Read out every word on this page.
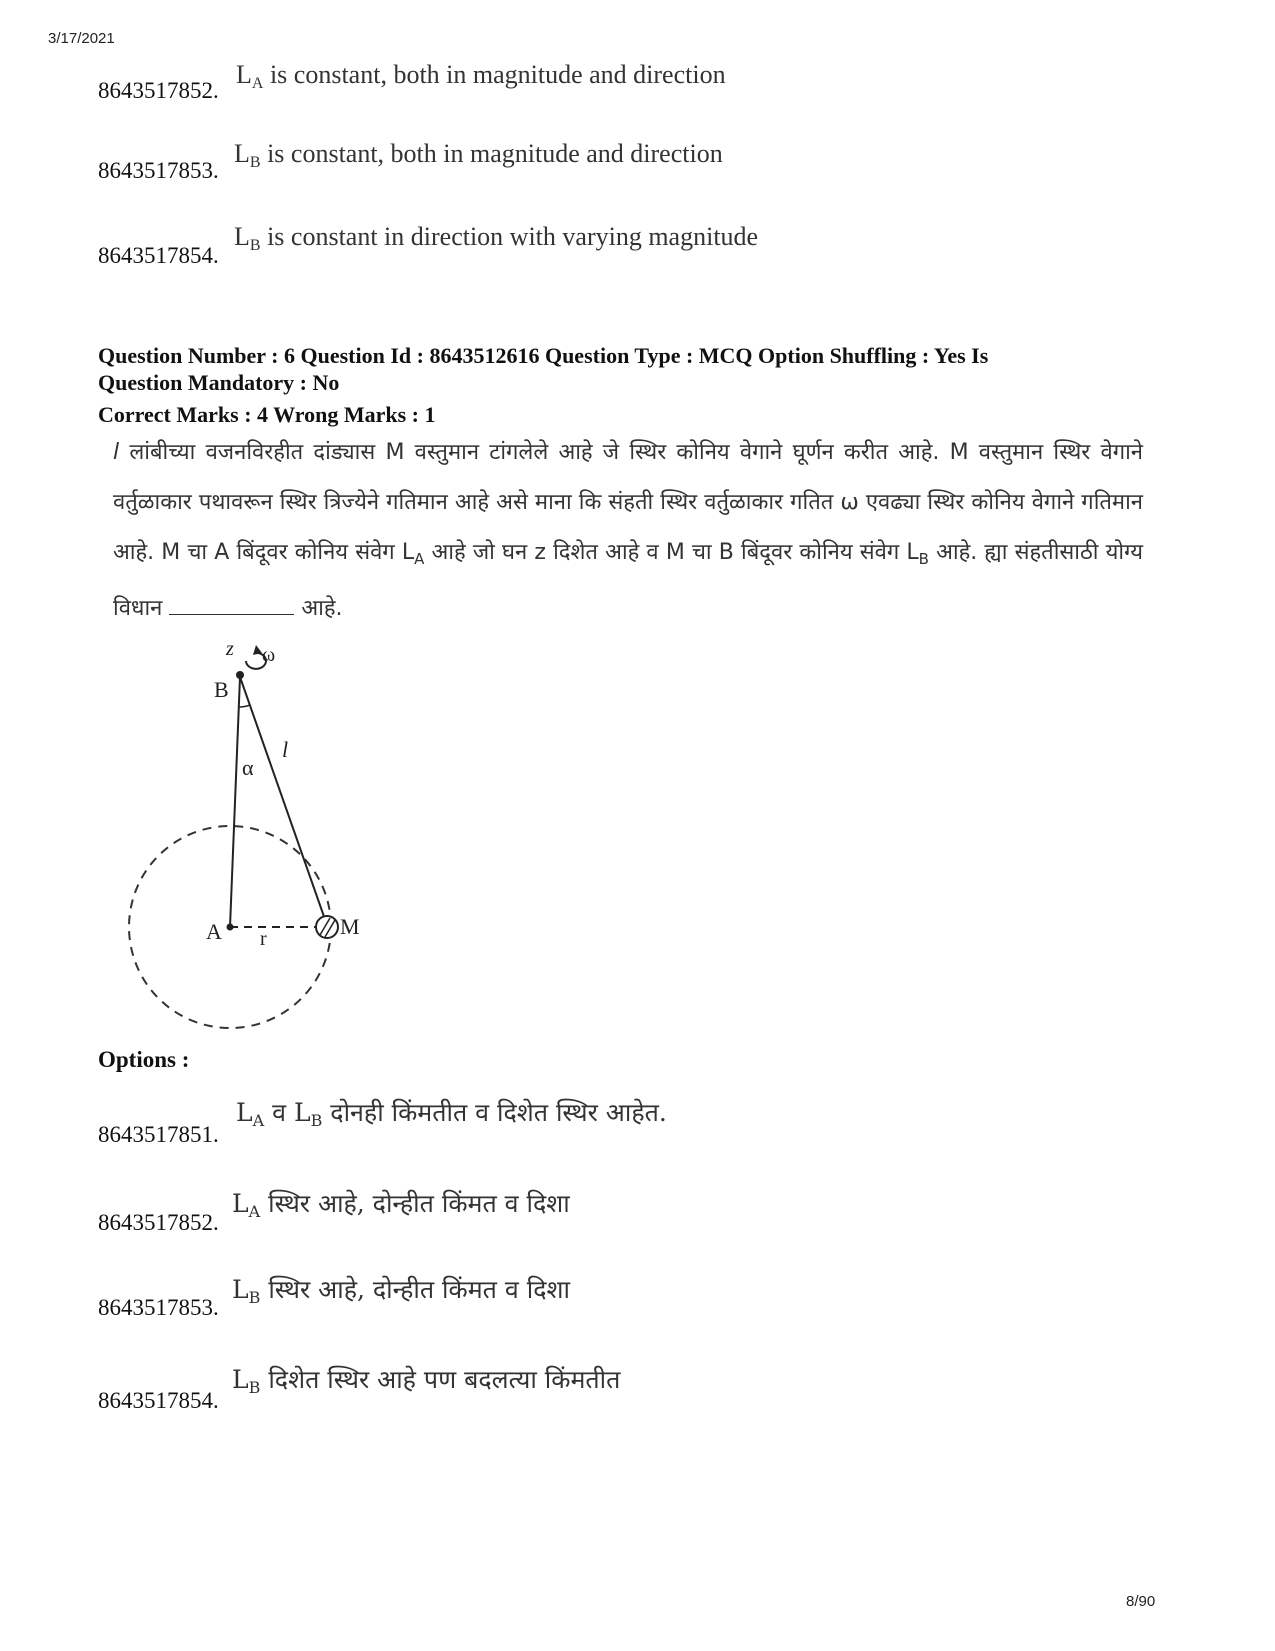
3/17/2021
8643517852.
$L_A$ is constant, both in magnitude and direction
8643517853.
$L_B$ is constant, both in magnitude and direction
8643517854.
$L_B$ is constant in direction with varying magnitude
Question Number : 6 Question Id : 8643512616 Question Type : MCQ Option Shuffling : Yes Is
Question Mandatory : No
Correct Marks : 4 Wrong Marks : 1
l लांबीच्या वजनविरहीत दांड्यास M वस्तुमान टांगलेले आहे जे स्थिर कोनिय वेगाने घूर्णन करीत आहे. M वस्तुमान स्थिर वेगाने वर्तुळाकार पथावरून स्थिर त्रिज्येने गतिमान आहे असे माना कि संहती स्थिर वर्तुळाकार गतित ω एवढ्या स्थिर कोनिय वेगाने गतिमान आहे. M चा A बिंदूवर कोनिय संवेग $L_A$ आहे जो घन z दिशेत आहे व M चा B बिंदूवर कोनिय संवेग $L_B$ आहे. ह्या संहतीसाठी योग्य विधान	आहे.
z ω
B
α
l
A r	M
Options :
8643517851.
$L_A$ व $L_B$ दोनही किंमतीत व दिशेत स्थिर आहेत.
8643517852.
$L_A$ स्थिर आहे, दोन्हीत किंमत व दिशा
8643517853.
$L_B$ स्थिर आहे, दोन्हीत किंमत व दिशा
8643517854.
$L_B$ दिशेत स्थिर आहे पण बदलत्या किंमतीत
8/90
